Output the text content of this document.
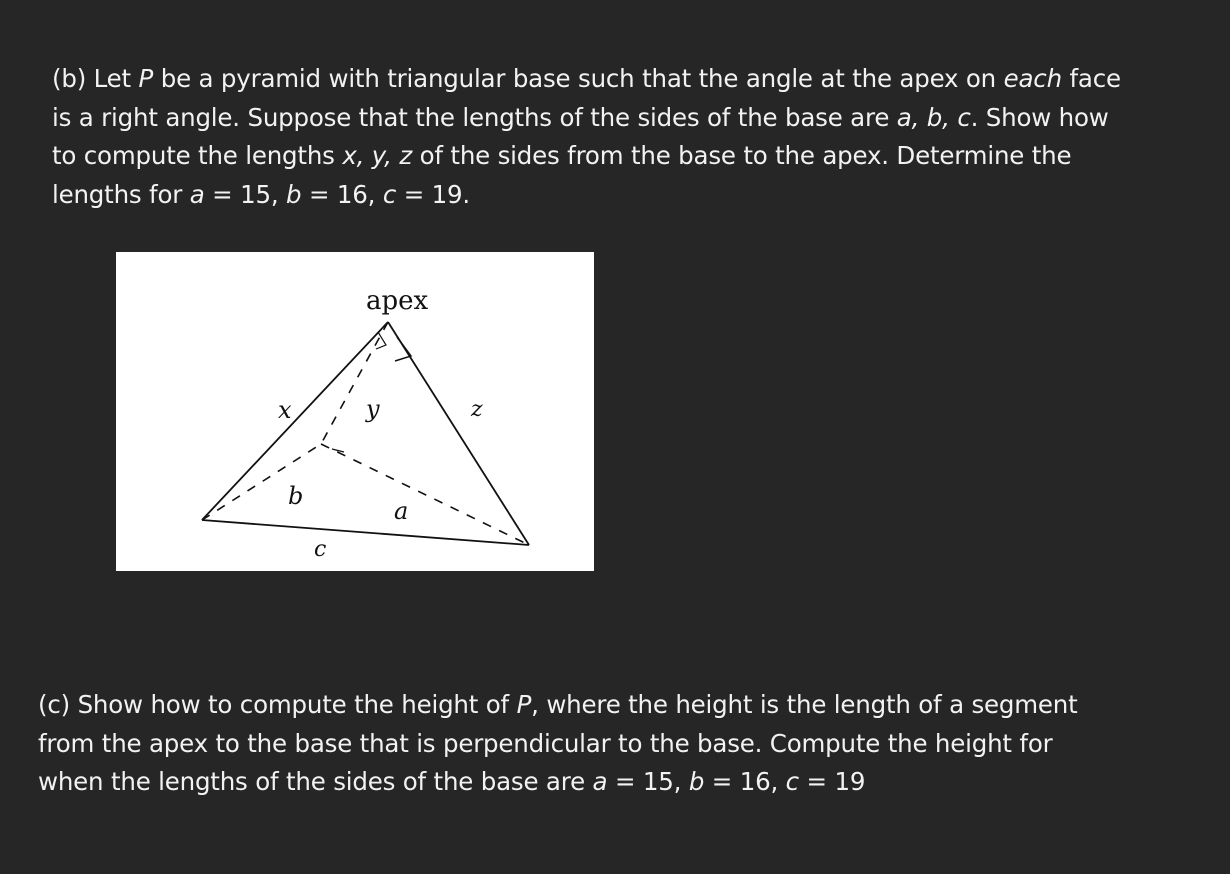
(b) Let P be a pyramid with triangular base such that the angle at the apex on each face
is a right angle. Suppose that the lengths of the sides of the base are a, b, c. Show how
to compute the lengths x, y, z of the sides from the base to the apex. Determine the
lengths for a = 15, b = 16, c = 19.
apex
x	y	z
b
a
c
(c) Show how to compute the height of P, where the height is the length of a segment
from the apex to the base that is perpendicular to the base. Compute the height for
when the lengths of the sides of the base are a = 15, b = 16, c = 19
